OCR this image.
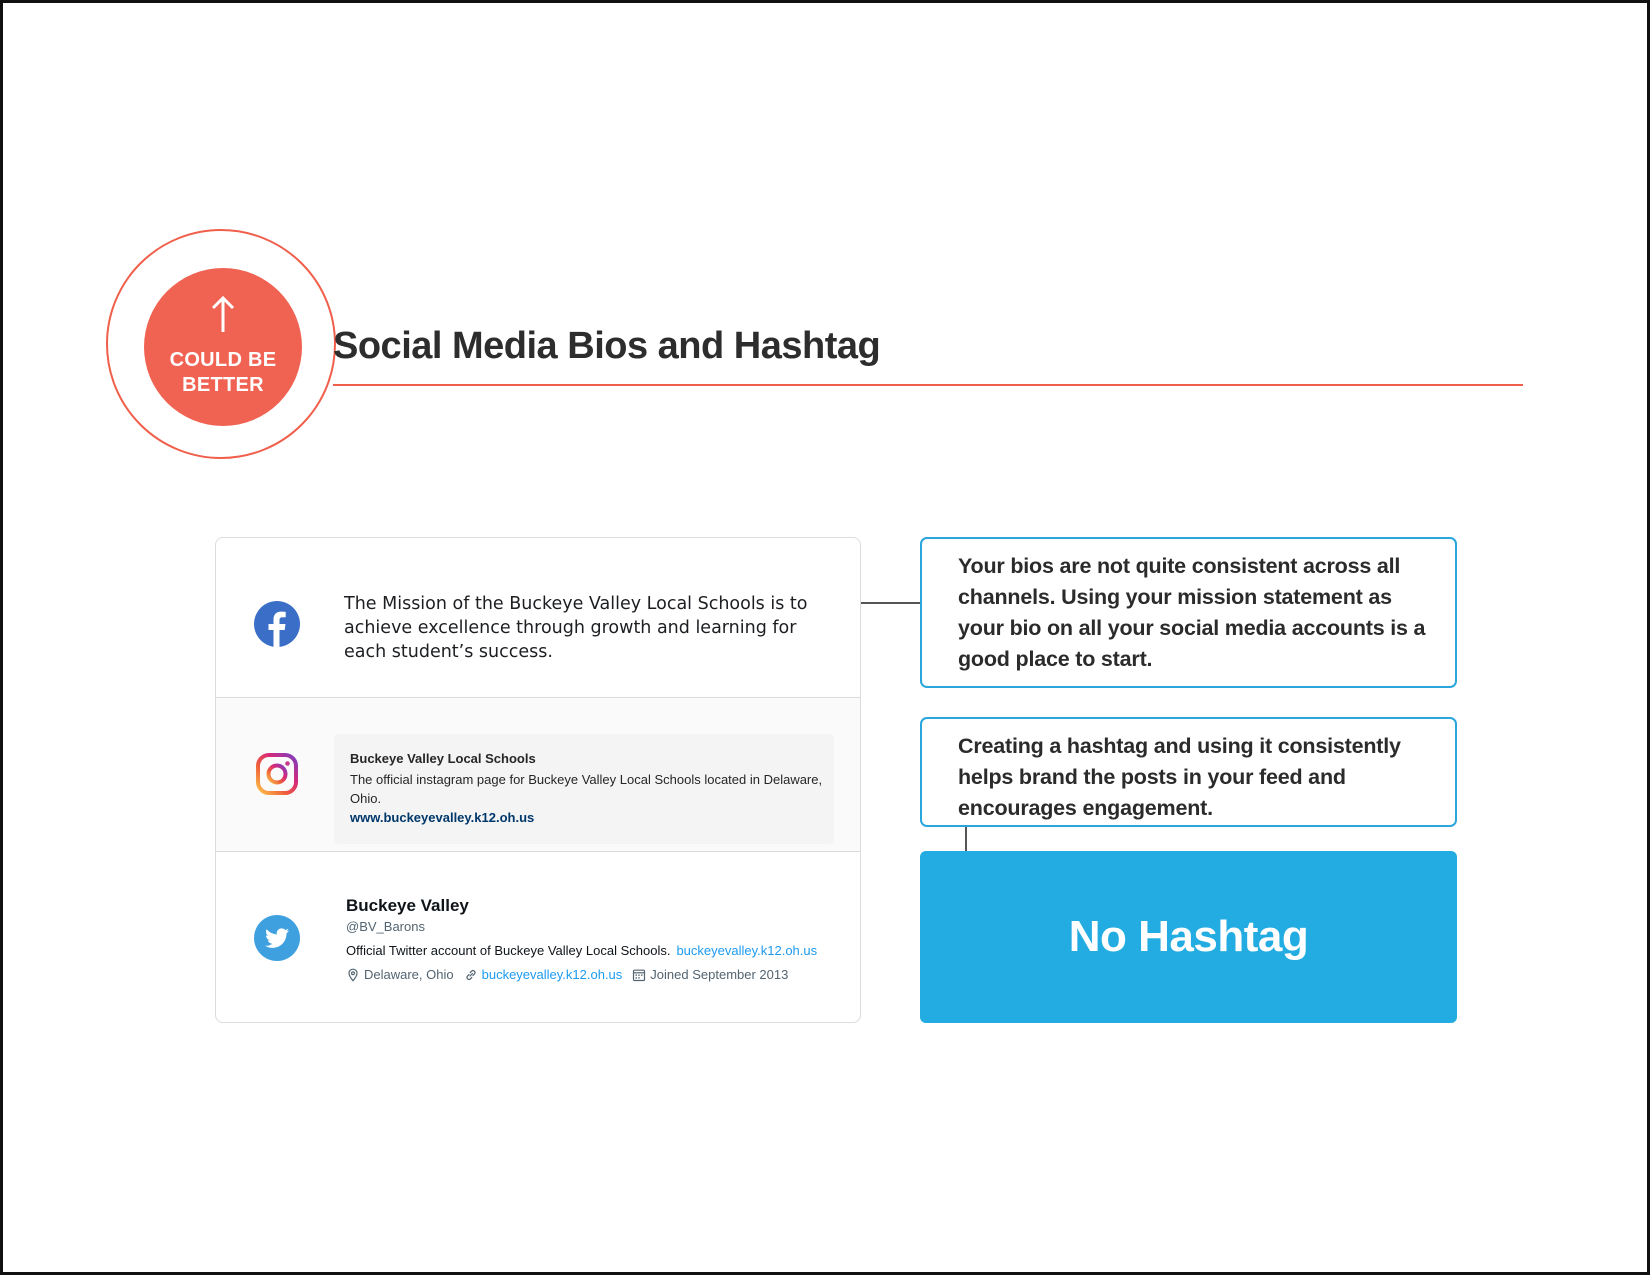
COULD BE BETTER
Social Media Bios and Hashtag
The Mission of the Buckeye Valley Local Schools is to achieve excellence through growth and learning for each student’s success.
Buckeye Valley Local Schools
The official instagram page for Buckeye Valley Local Schools located in Delaware, Ohio.
www.buckeyevalley.k12.oh.us
Buckeye Valley
@BV_Barons
Official Twitter account of Buckeye Valley Local Schools. buckeyevalley.k12.oh.us
Delaware, Ohio buckeyevalley.k12.oh.us Joined September 2013
Your bios are not quite consistent across all channels. Using your mission statement as your bio on all your social media accounts is a good place to start.
Creating a hashtag and using it consistently helps brand the posts in your feed and encourages engagement.
No Hashtag
